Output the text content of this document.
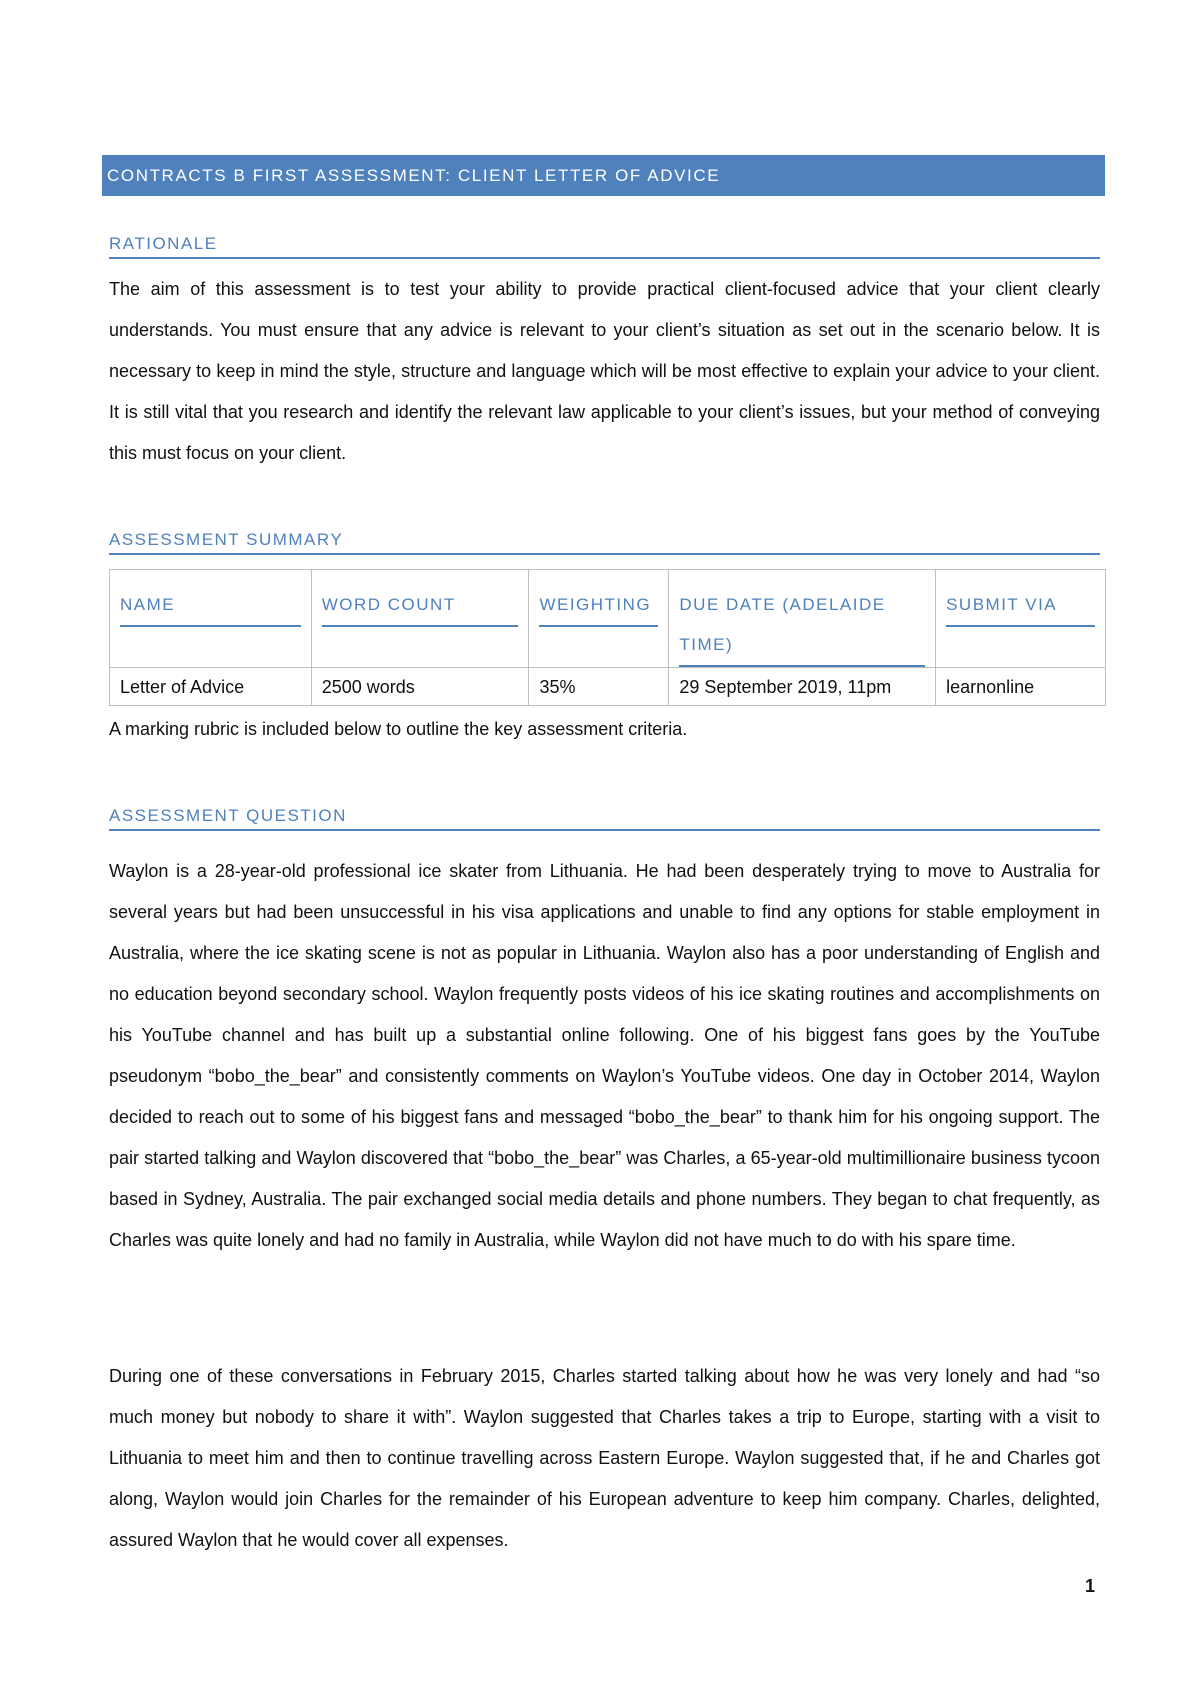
CONTRACTS B FIRST ASSESSMENT: CLIENT LETTER OF ADVICE
RATIONALE

The aim of this assessment is to test your ability to provide practical client-focused advice that your client clearly understands. You must ensure that any advice is relevant to your client’s situation as set out in the scenario below. It is necessary to keep in mind the style, structure and language which will be most effective to explain your advice to your client. It is still vital that you research and identify the relevant law applicable to your client’s issues, but your method of conveying this must focus on your client.

ASSESSMENT SUMMARY
NAME	WORD COUNT	WEIGHTING	DUE DATE (ADELAIDE TIME)	SUBMIT VIA

Letter of Advice	2500 words	35%	29 September 2019, 11pm	learnonline

A marking rubric is included below to outline the key assessment criteria.

ASSESSMENT QUESTION

Waylon is a 28-year-old professional ice skater from Lithuania. He had been desperately trying to move to Australia for several years but had been unsuccessful in his visa applications and unable to find any options for stable employment in Australia, where the ice skating scene is not as popular in Lithuania. Waylon also has a poor understanding of English and no education beyond secondary school. Waylon frequently posts videos of his ice skating routines and accomplishments on his YouTube channel and has built up a substantial online following. One of his biggest fans goes by the YouTube pseudonym “bobo_the_bear” and consistently comments on Waylon’s YouTube videos. One day in October 2014, Waylon decided to reach out to some of his biggest fans and messaged “bobo_the_bear” to thank him for his ongoing support. The pair started talking and Waylon discovered that “bobo_the_bear” was Charles, a 65-year-old multimillionaire business tycoon based in Sydney, Australia. The pair exchanged social media details and phone numbers. They began to chat frequently, as Charles was quite lonely and had no family in Australia, while Waylon did not have much to do with his spare time.

During one of these conversations in February 2015, Charles started talking about how he was very lonely and had “so much money but nobody to share it with”. Waylon suggested that Charles takes a trip to Europe, starting with a visit to Lithuania to meet him and then to continue travelling across Eastern Europe. Waylon suggested that, if he and Charles got along, Waylon would join Charles for the remainder of his European adventure to keep him company. Charles, delighted, assured Waylon that he would cover all expenses.

1
